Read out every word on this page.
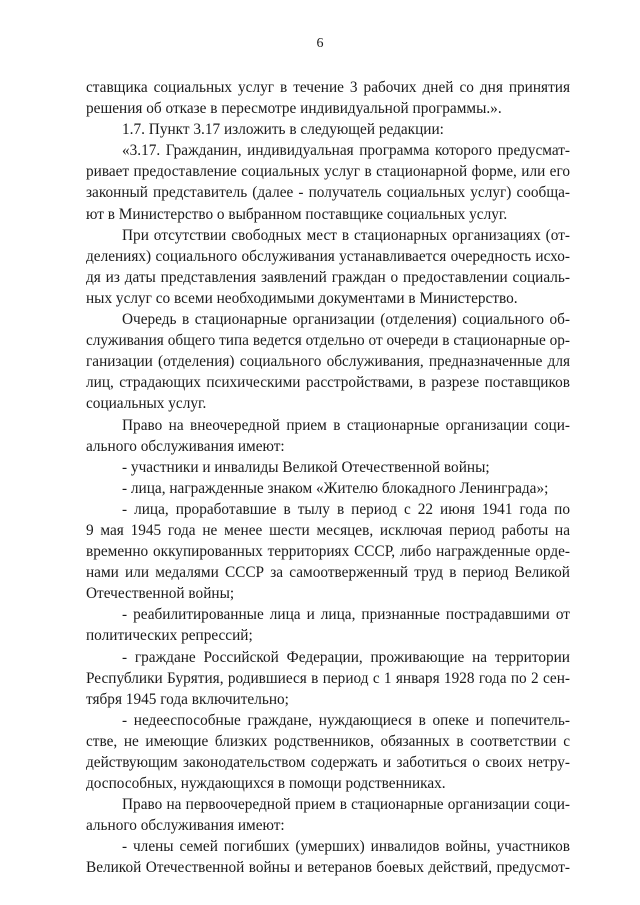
6
ставщика социальных услуг в течение 3 рабочих дней со дня принятия
решения об отказе в пересмотре индивидуальной программы.».
1.7. Пункт 3.17 изложить в следующей редакции:
«3.17. Гражданин, индивидуальная программа которого предусмат-
ривает предоставление социальных услуг в стационарной форме, или его
законный представитель (далее - получатель социальных услуг) сообща-
ют в Министерство о выбранном поставщике социальных услуг.
При отсутствии свободных мест в стационарных организациях (от-
делениях) социального обслуживания устанавливается очередность исхо-
дя из даты представления заявлений граждан о предоставлении социаль-
ных услуг со всеми необходимыми документами в Министерство.
Очередь в стационарные организации (отделения) социального об-
служивания общего типа ведется отдельно от очереди в стационарные ор-
ганизации (отделения) социального обслуживания, предназначенные для
лиц, страдающих психическими расстройствами, в разрезе поставщиков
социальных услуг.
Право на внеочередной прием в стационарные организации соци-
ального обслуживания имеют:
- участники и инвалиды Великой Отечественной войны;
- лица, награжденные знаком «Жителю блокадного Ленинграда»;
- лица, проработавшие в тылу в период с 22 июня 1941 года по
9 мая 1945 года не менее шести месяцев, исключая период работы на
временно оккупированных территориях СССР, либо награжденные орде-
нами или медалями СССР за самоотверженный труд в период Великой
Отечественной войны;
- реабилитированные лица и лица, признанные пострадавшими от
политических репрессий;
- граждане Российской Федерации, проживающие на территории
Республики Бурятия, родившиеся в период с 1 января 1928 года по 2 сен-
тября 1945 года включительно;
- недееспособные граждане, нуждающиеся в опеке и попечитель-
стве, не имеющие близких родственников, обязанных в соответствии с
действующим законодательством содержать и заботиться о своих нетру-
доспособных, нуждающихся в помощи родственниках.
Право на первоочередной прием в стационарные организации соци-
ального обслуживания имеют:
- члены семей погибших (умерших) инвалидов войны, участников
Великой Отечественной войны и ветеранов боевых действий, предусмот-
